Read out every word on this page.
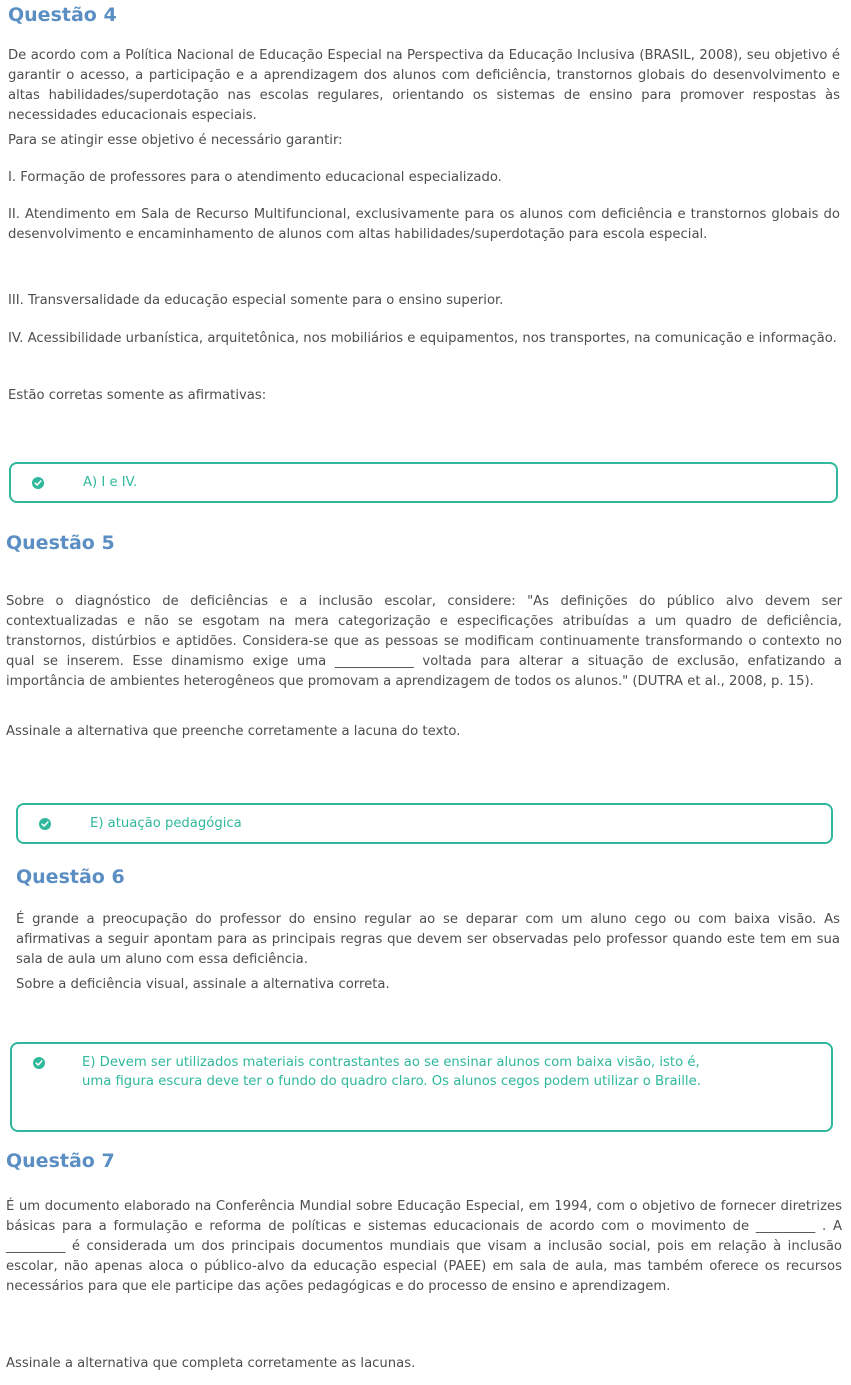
Questão 4

De acordo com a Política Nacional de Educação Especial na Perspectiva da Educação Inclusiva (BRASIL, 2008), seu objetivo é garantir o acesso, a participação e a aprendizagem dos alunos com deficiência, transtornos globais do desenvolvimento e altas habilidades/superdotação nas escolas regulares, orientando os sistemas de ensino para promover respostas às necessidades educacionais especiais.

Para se atingir esse objetivo é necessário garantir:

I. Formação de professores para o atendimento educacional especializado.

II. Atendimento em Sala de Recurso Multifuncional, exclusivamente para os alunos com deficiência e transtornos globais do desenvolvimento e encaminhamento de alunos com altas habilidades/superdotação para escola especial.

III. Transversalidade da educação especial somente para o ensino superior.

IV. Acessibilidade urbanística, arquitetônica, nos mobiliários e equipamentos, nos transportes, na comunicação e informação.

Estão corretas somente as afirmativas:

A) I e IV.
Questão 5

Sobre o diagnóstico de deficiências e a inclusão escolar, considere: "As definições do público alvo devem ser contextualizadas e não se esgotam na mera categorização e especificações atribuídas a um quadro de deficiência, transtornos, distúrbios e aptidões. Considera-se que as pessoas se modificam continuamente transformando o contexto no qual se inserem. Esse dinamismo exige uma ____________ voltada para alterar a situação de exclusão, enfatizando a importância de ambientes heterogêneos que promovam a aprendizagem de todos os alunos." (DUTRA et al., 2008, p. 15).

Assinale a alternativa que preenche corretamente a lacuna do texto.

E) atuação pedagógica
Questão 6

É grande a preocupação do professor do ensino regular ao se deparar com um aluno cego ou com baixa visão. As afirmativas a seguir apontam para as principais regras que devem ser observadas pelo professor quando este tem em sua sala de aula um aluno com essa deficiência.

Sobre a deficiência visual, assinale a alternativa correta.

E) Devem ser utilizados materiais contrastantes ao se ensinar alunos com baixa visão, isto é, uma figura escura deve ter o fundo do quadro claro. Os alunos cegos podem utilizar o Braille.
Questão 7

É um documento elaborado na Conferência Mundial sobre Educação Especial, em 1994, com o objetivo de fornecer diretrizes básicas para a formulação e reforma de políticas e sistemas educacionais de acordo com o movimento de _________ . A _________ é considerada um dos principais documentos mundiais que visam a inclusão social, pois em relação à inclusão escolar, não apenas aloca o público-alvo da educação especial (PAEE) em sala de aula, mas também oferece os recursos necessários para que ele participe das ações pedagógicas e do processo de ensino e aprendizagem.

Assinale a alternativa que completa corretamente as lacunas.
